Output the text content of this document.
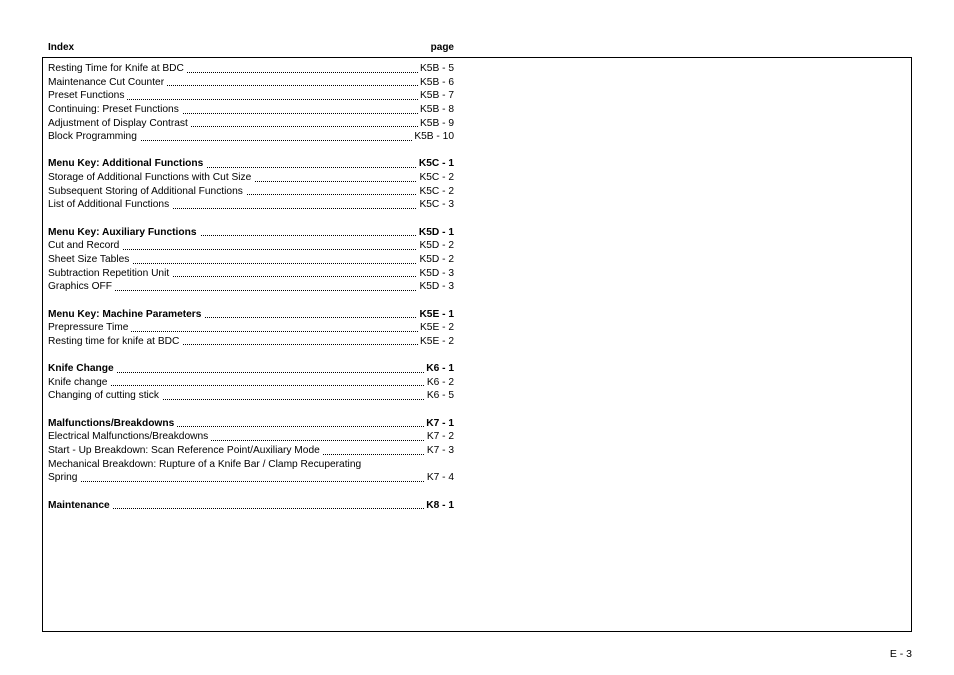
Index	page
Resting Time for Knife at BDC	K5B - 5
Maintenance Cut Counter	K5B - 6
Preset Functions	K5B - 7
Continuing: Preset Functions	K5B - 8
Adjustment of Display Contrast	K5B - 9
Block Programming	K5B - 10
Menu Key: Additional Functions	K5C - 1
Storage of Additional Functions with Cut Size	K5C - 2
Subsequent Storing of Additional Functions	K5C - 2
List of Additional Functions	K5C - 3
Menu Key: Auxiliary Functions	K5D - 1
Cut and Record	K5D - 2
Sheet Size Tables	K5D - 2
Subtraction Repetition Unit	K5D - 3
Graphics OFF	K5D - 3
Menu Key: Machine Parameters	K5E - 1
Prepressure Time	K5E - 2
Resting time for knife at BDC	K5E - 2
Knife Change	K6 - 1
Knife change	K6 - 2
Changing of cutting stick	K6 - 5
Malfunctions/Breakdowns	K7 - 1
Electrical Malfunctions/Breakdowns	K7 - 2
Start - Up Breakdown: Scan Reference Point/Auxiliary Mode	K7 - 3
Mechanical Breakdown: Rupture of a Knife Bar / Clamp Recuperating
Spring	K7 - 4
Maintenance	K8 - 1
E - 3
